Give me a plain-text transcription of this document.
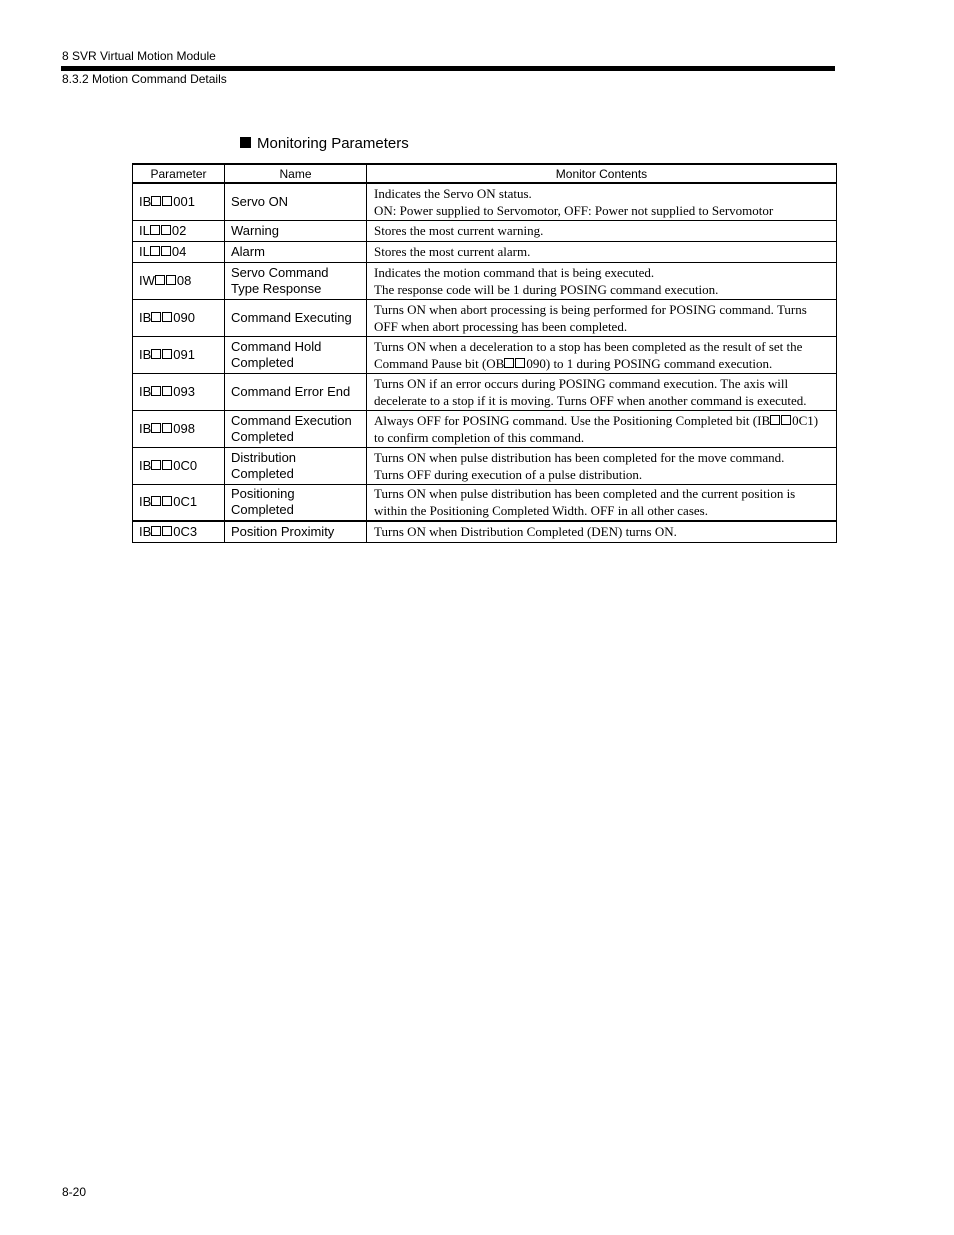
8 SVR Virtual Motion Module
8.3.2 Motion Command Details
Monitoring Parameters
Parameter	Name	Monitor Contents
IB 001	Servo ON	Indicates the Servo ON status.
ON: Power supplied to Servomotor, OFF: Power not supplied to Servomotor

IL 02	Warning	Stores the most current warning.

IL 04	Alarm	Stores the most current alarm.

IW 08	Servo Command Type Response	Indicates the motion command that is being executed.
The response code will be 1 during POSING command execution.

IB 090	Command Executing	Turns ON when abort processing is being performed for POSING command. Turns OFF when abort processing has been completed.
IB 091	Command Hold Completed	Turns ON when a deceleration to a stop has been completed as the result of set the Command Pause bit (OB 090) to 1 during POSING command execution.
IB 093	Command Error End	Turns ON if an error occurs during POSING command execution. The axis will decelerate to a stop if it is moving. Turns OFF when another command is executed.
IB 098	Command Execution Completed	Always OFF for POSING command. Use the Positioning Completed bit (IB 0C1) to confirm completion of this command.
IB 0C0	Distribution Completed	Turns ON when pulse distribution has been completed for the move command.
Turns OFF during execution of a pulse distribution.

IB 0C1	Positioning Completed	Turns ON when pulse distribution has been completed and the current position is within the Positioning Completed Width. OFF in all other cases.
IB 0C3	Position Proximity	Turns ON when Distribution Completed (DEN) turns ON.
8-20
